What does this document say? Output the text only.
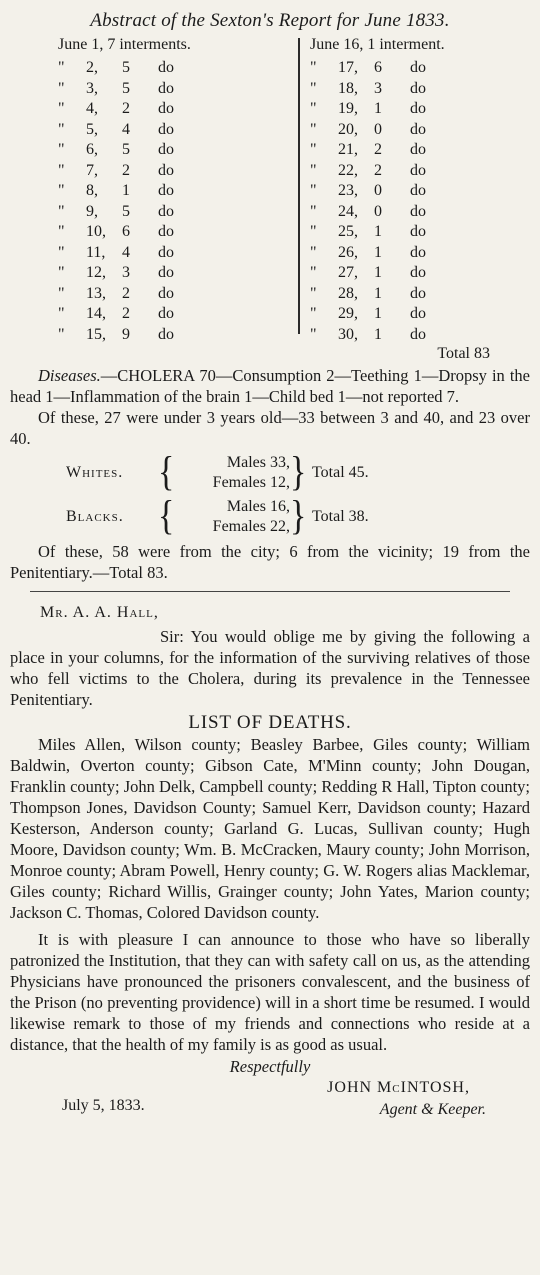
Abstract of the Sexton's Report for June 1833.
June 1, 7 interments.
"	2,	5	do
"	3,	5	do
"	4,	2	do
"	5,	4	do
"	6,	5	do
"	7,	2	do
"	8,	1	do
"	9,	5	do
"	10,	6	do
"	11,	4	do
"	12,	3	do
"	13,	2	do
"	14,	2	do
"	15,	9	do
June 16, 1 interment.
"	17,	6	do
"	18,	3	do
"	19,	1	do
"	20,	0	do
"	21,	2	do
"	22,	2	do
"	23,	0	do
"	24,	0	do
"	25,	1	do
"	26,	1	do
"	27,	1	do
"	28,	1	do
"	29,	1	do
"	30,	1	do
Total 83

Diseases.—CHOLERA 70—Consumption 2—Teething 1—Dropsy in the head 1—Inflammation of the brain 1—Child bed 1—not reported 7.

Of these, 27 were under 3 years old—33 between 3 and 40, and 23 over 40.

Whites.	{	Males 33,
Females 12, } Total 45.
Blacks.	{	Males 16,
Females 22, } Total 38.

Of these, 58 were from the city; 6 from the vicinity; 19 from the Penitentiary.—Total 83.

Mr. A. A. Hall,

Sir: You would oblige me by giving the following a place in your columns, for the information of the surviving relatives of those who fell victims to the Cholera, during its prevalence in the Tennessee Penitentiary.

LIST OF DEATHS.

Miles Allen, Wilson county; Beasley Barbee, Giles county; William Baldwin, Overton county; Gibson Cate, M'Minn county; John Dougan, Franklin county; John Delk, Campbell county; Redding R Hall, Tipton county; Thompson Jones, Davidson County; Samuel Kerr, Davidson county; Hazard Kesterson, Anderson county; Garland G. Lucas, Sullivan county; Hugh Moore, Davidson county; Wm. B. McCracken, Maury county; John Morrison, Monroe county; Abram Powell, Henry county; G. W. Rogers alias Macklemar, Giles county; Richard Willis, Grainger county; John Yates, Marion county; Jackson C. Thomas, Colored Davidson county.

It is with pleasure I can announce to those who have so liberally patronized the Institution, that they can with safety call on us, as the attending Physicians have pronounced the prisoners convalescent, and the business of the Prison (no preventing providence) will in a short time be resumed. I would likewise remark to those of my friends and connections who reside at a distance, that the health of my family is as good as usual.

Respectfully
July 5, 1833.
JOHN McINTOSH,
Agent & Keeper.
